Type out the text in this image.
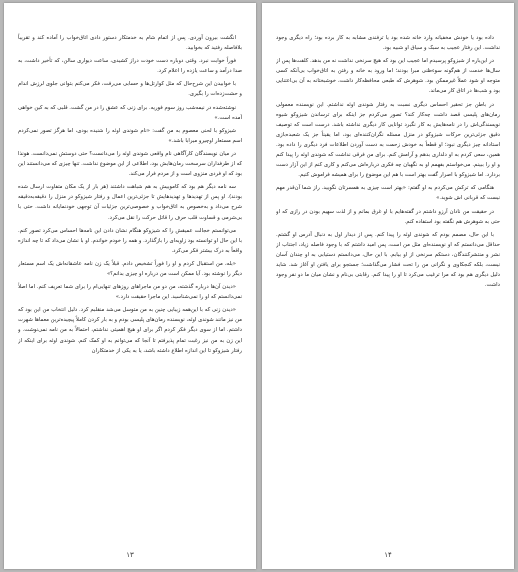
انگشت بیرون آوردی. پس از اتمام شام به خدمتکار دستور دادی اتاق‌خواب را آماده کند و تقریباً بلافاصله رفتید که بخوابید.

فوراً خوابت نبرد. وقتی دوباره دست خودت دراز کشیدی، ساعت دیواری سالن، که تأخیر داشت، به صدا درآمد و ساعت یازده را اعلام کرد.

با خوابیدن این شرح‌حال که مثل کوارتل‌ها و حسابی می‌رفت، فکر می‌کنم بتوانی جلوی لرزش اندام و حشت‌زده‌ات را بگیری.

نوشته‌شده در نیمه‌شب روز سوم فوریه. برای زنی که عشق را در من گشت. قلبی که به کین خواهی آمده است.»

شیزوکو با لحنی معصوم به من گفت: «نام شوندی اوئه را شنیده بودی، اما هرگز تصور نمی‌کردم اسم مستعار اوچیرو میرابا باشد.»

در میان نویسندگان کارآگاهی نام واقعی شوندی اوئه را می‌دانست؟ حتی دوستش نمی‌دانست. هونذا که از طرفداران سرسخت رمان‌هایش بود، اطلاعی از این موضوع نداشت. تنها چیزی که می‌دانستند این بود که او فردی منزوی است و از مردم فرار می‌کند.

سه نامه دیگر هم بود که کاموییش به هم شباهت داشتند (هر بار از یک مکان متفاوت ارسال شده بودند). او پس از تهدیدها و تهدیدهایش تا جزئی‌ترین اعمال و رفتار شیزوکو در منزل را دقیقه‌به‌دقیقه شرح می‌داد و به‌خصوص به اتاق‌خواب و خصوصی‌ترین جزئیات آن توجهی خودنمایانه داشت. حتی با بی‌شرمی و قساوت قلب حرف را قاتل حرکت را نقل می‌کرد.

می‌توانستم خجالت عمیقش را که شیزوکو هنگام نشان دادن این نامه‌ها احساس می‌کرد تصور کنم. با این حال او توانسته بود زاویه‌ای را بازگذارد. و همه را خودم خواندم. او با نشان می‌داد که تا چه اندازه واقعاً به درک بیشتر فکر می‌کرد.

«بله، من استقبال کردم و او را فوراً تشخیص دادم. قبلاً یک زن نامه عاشقانه‌اش یک اسم مستعار دیگر را نوشته بود. آیا ممکن است من درباره او چیزی بدانم؟»

«دیدن آن‌ها درباره گذشته، من دو من ماجراهای روزهای تنهایی‌ام را برای شما تعریف کنم. اما اصلاً نمی‌دانستم که او را نمی‌شناسید. این ماجرا حقیقت دارد.»

«دیدن زنی که با این‌همه زیبایی چنین به من متوسل می‌شد منقلبم کرد. دلیل انتخاب من این بود که من نیز مانند شوندی اوئه، نویسنده رمان‌های پلیسی بودم و به بار کردن کاملاً پیچیده‌ترین معماها شهرت داشتم. اما از سوی دیگر فکر کردم اگر برای او هیچ اهمیتی نداشتم، احتمالاً به من نامه نمی‌نوشت. و این زن به من نیز رغبت تمام پذیرفتم تا آنجا که می‌توانم به او کمک کنم. شوندی اوئه برای اینکه از رفتار شیزوکو تا این اندازه اطلاع داشته باشد، یا به یکی از خدمتکاران

۱۳

داده بود یا خودش مخفیانه وارد خانه شده بود یا ترفندی مشابه به کار برده بود؛ راه دیگری وجود نداشت. این رفتار عجیب به سبک و سیاق او شبیه بود.

در این‌باره از شیزوکو پرسیدم اما عجیب این بود که هیچ سرنخی نداشت نه من بدهد. کلفت‌ها پس از سال‌ها خدمت از هم‌گونه سوءظنی مبرا بودند؛ اما ورود به خانه و رفتن به اتاق‌خواب بی‌آنکه کسی متوجه او شود عملاً غیرممکن بود. شوهرش که طبعی محافظه‌کار داشت، خوشبختانه به آن بی‌اعتنایی بود و شب‌ها در اتاق کار می‌ماند.

در باطن جز تحقیر احساس دیگری نسبت به رفتار شوندی اوئه نداشتم. این نویسنده معمولی رمان‌های پلیسی قصد داشت چه‌کار کند؟ تصور می‌کردم جز اینکه برای ترساندن شیزوکو شیوه نویسندگی‌اش را در نامه‌هایش به کار نگیرد توانایی کار دیگری نداشته باشد. درست است که توصیف دقیق جزئی‌ترین حرکات شیزوکو در منزل مسئله نگران‌کننده‌ای بود، اما یقیناً جز یک شعبده‌بازی استادانه چیز دیگری نبود؛ او قطعاً به خودش زحمت به دست آوردن اطلاعات فرد دیگری را داده بود. همین، سعی کردم به او دلداری بدهم و آرامش کنم. برای من فرقی نداشت که شوندی اوئه را پیدا کنم و او را ببینم. می‌خواستم بفهمم او به نگهبان چه فکری درباره‌اش می‌کنم و کاری کنم از این آزار دست بردارد. اما شیزوکو با اصرار گفت بهتر است با هم این موضوع را برای همیشه فراموش کنیم.

هنگامی که ترکش می‌کردم به او گفتم: «بهتر است چیزی به همسرتان نگویید. راز شما آن‌قدر مهم نیست که قربانی اش شوید.»

در حقیقت من نادان آرزو داشتم در گفته‌هایم با او غرق بمانم و از لذت سهیم بودن در رازی که او حتی به شوهرش هم نگفته بود استفاده کنم.

با این حال، مصمم بودم که شوندی اوئه را پیدا کنم. پس از دیدار اول به دنبال آدرس او گشتم. حداقل می‌دانستم که او نویسنده‌ای مثل من است، پس امید داشتم که با وجود فاصله زیاد، اجتناب از نشر و منتشرکنندگان، دستکم سرنخی از او بیابم. با این حال، می‌دانستم دستیابی به او چندان آسان نیست، بلکه کنجکاوی و نگرانی من را تحت فشار می‌گذاشت؛ جستجو برای یافتن او آغاز شد. شاید دلیل دیگری هم بود که مرا ترغیب می‌کرد تا او را پیدا کنم. رقابتی بی‌نام و نشان میان ما دو نفر وجود داشت.

۱۴
